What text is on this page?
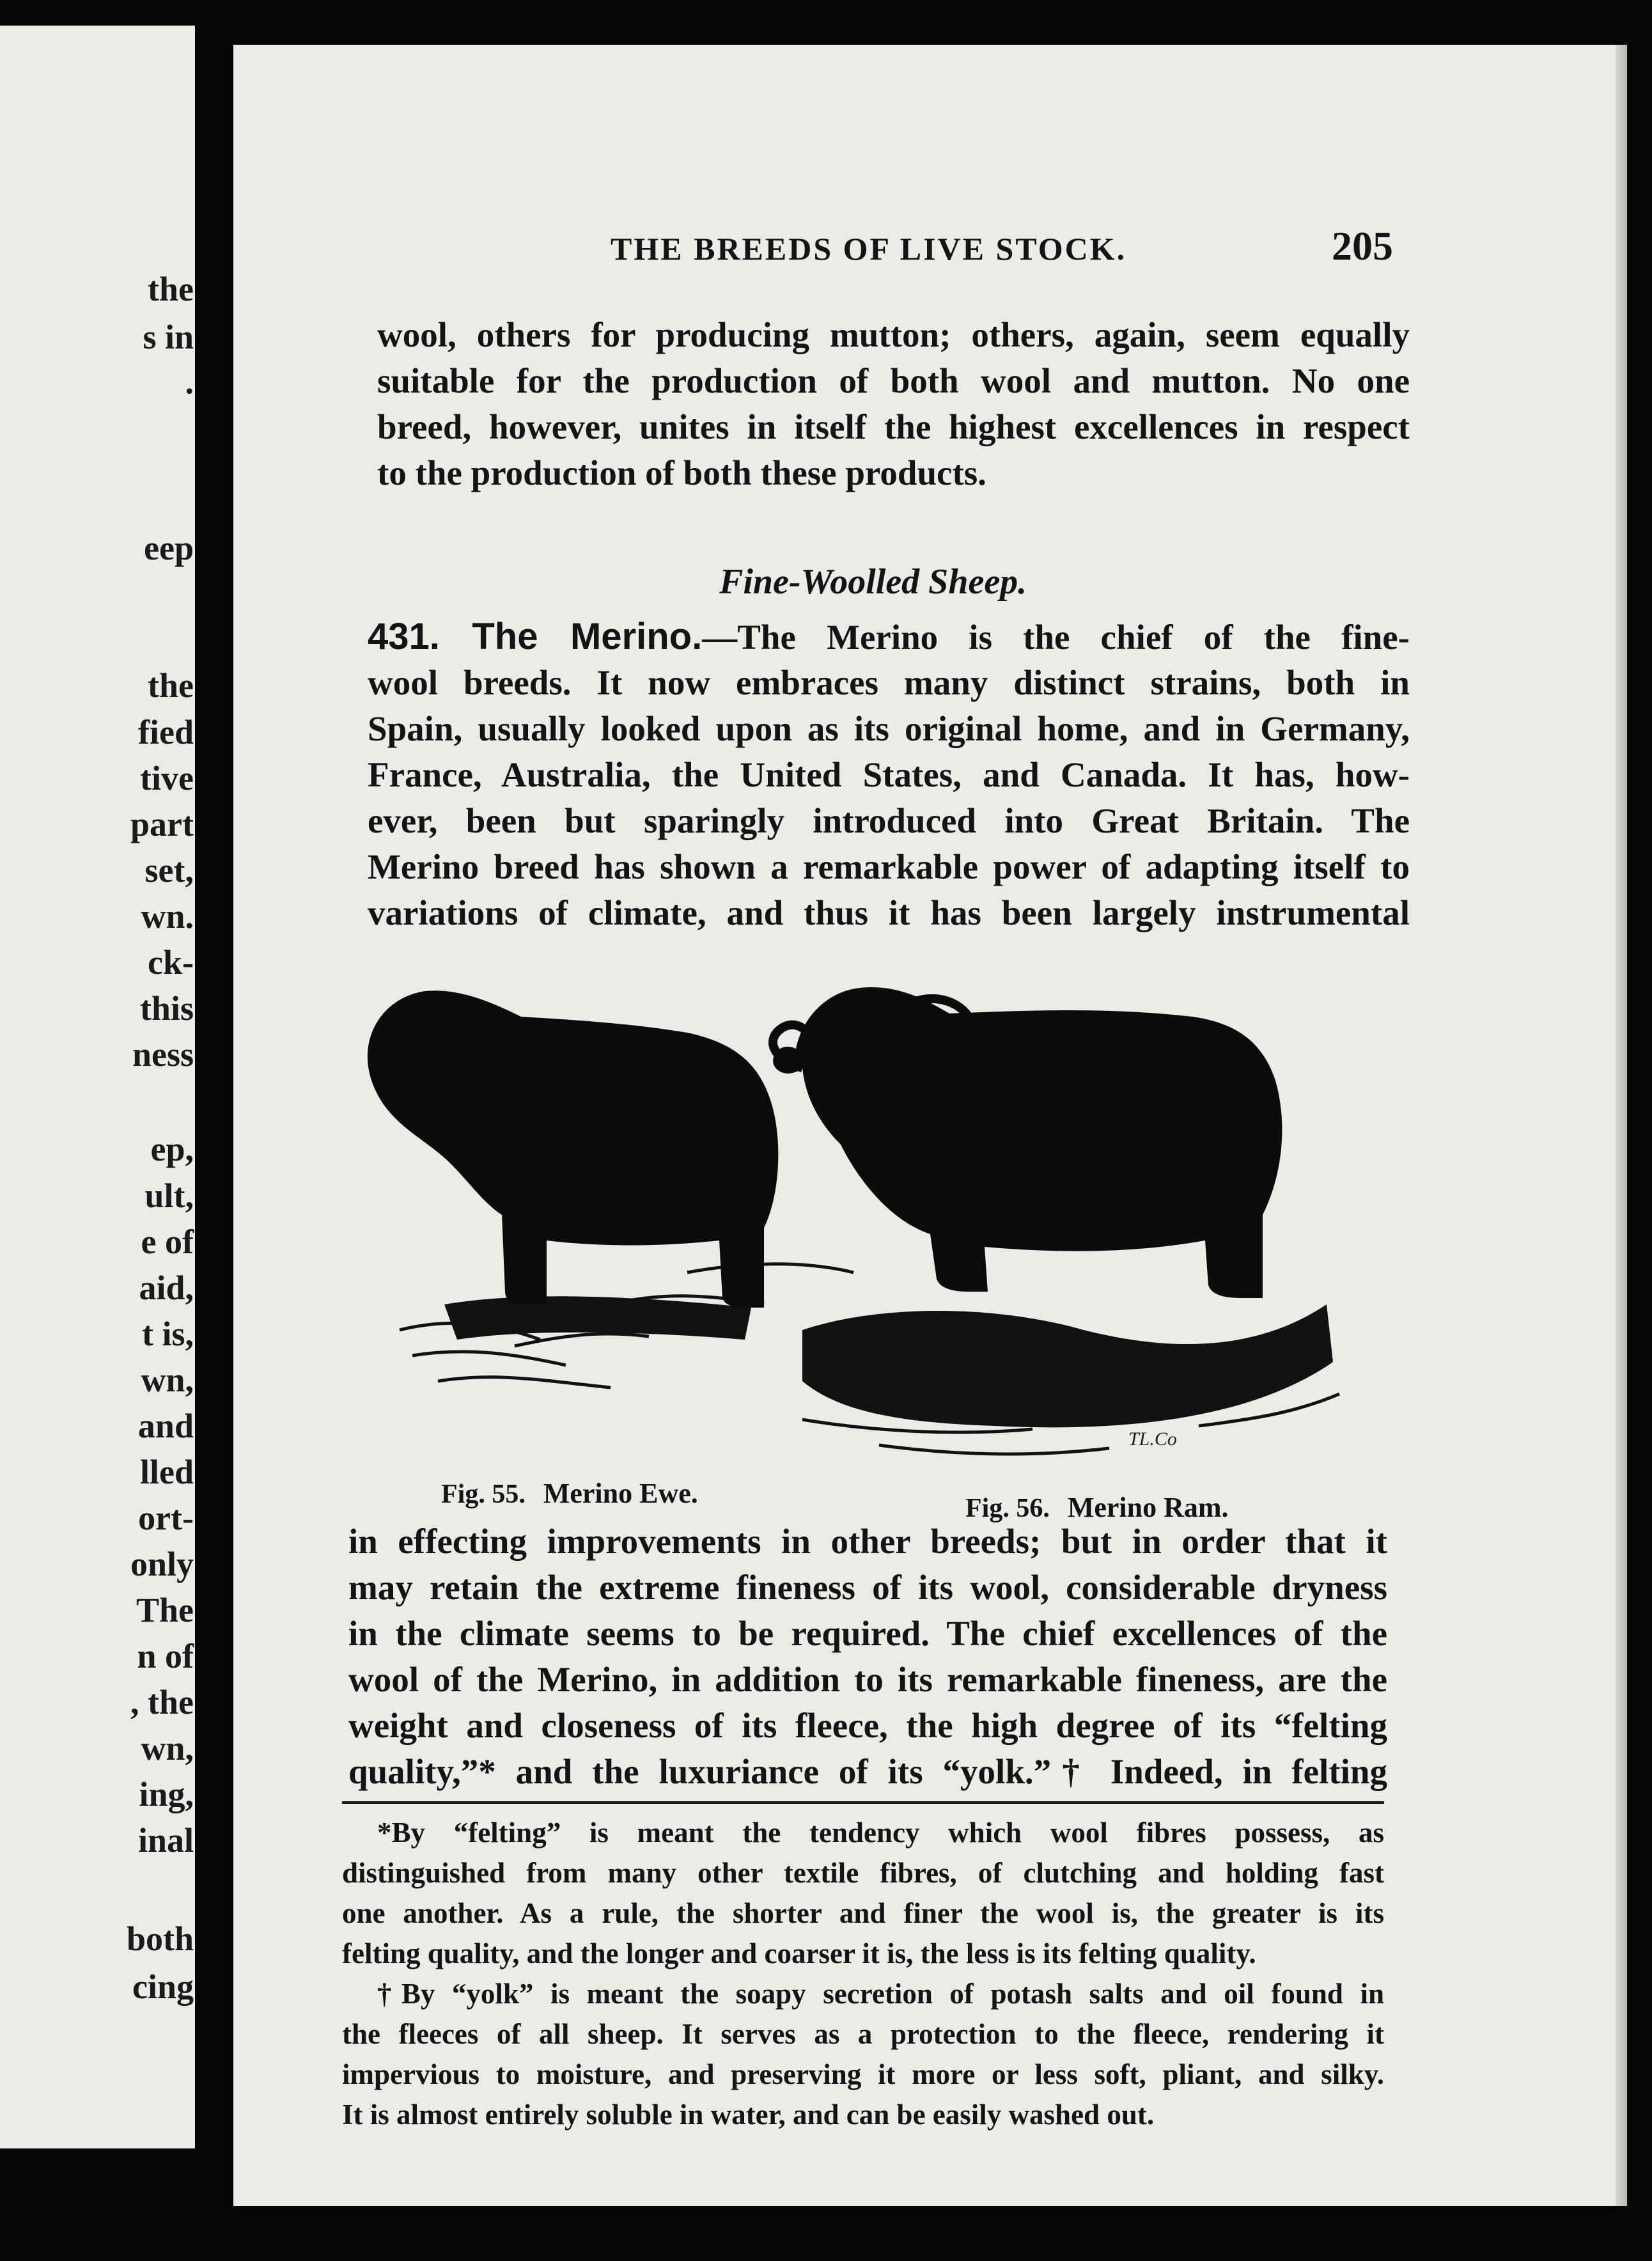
the
s in
.
eep
the
fied
tive
part
set,
wn.
ck-
this
ness
ep,
ult,
e of
aid,
t is,
wn,
and
lled
ort-
only
The
n of
, the
wn,
ing,
inal
both
cing
THE BREEDS OF LIVE STOCK.	205
wool, others for producing mutton; others, again, seem equally
suitable for the production of both wool and mutton. No one
breed, however, unites in itself the highest excellences in respect
to the production of both these products.
Fine-Woolled Sheep.
431. The Merino.—The Merino is the chief of the fine-
wool breeds. It now embraces many distinct strains, both in
Spain, usually looked upon as its original home, and in Germany,
France, Australia, the United States, and Canada. It has, how-
ever, been but sparingly introduced into Great Britain. The
Merino breed has shown a remarkable power of adapting itself to
variations of climate, and thus it has been largely instrumental
TL.Co
Fig. 55. Merino Ewe.	Fig. 56. Merino Ram.
in effecting improvements in other breeds; but in order that it
may retain the extreme fineness of its wool, considerable dryness
in the climate seems to be required. The chief excellences of the
wool of the Merino, in addition to its remarkable fineness, are the
weight and closeness of its fleece, the high degree of its “felting
quality,”* and the luxuriance of its “yolk.”† Indeed, in felting
*By “felting” is meant the tendency which wool fibres possess, as
distinguished from many other textile fibres, of clutching and holding fast
one another. As a rule, the shorter and finer the wool is, the greater is its
felting quality, and the longer and coarser it is, the less is its felting quality.
†By “yolk” is meant the soapy secretion of potash salts and oil found in
the fleeces of all sheep. It serves as a protection to the fleece, rendering it
impervious to moisture, and preserving it more or less soft, pliant, and silky.
It is almost entirely soluble in water, and can be easily washed out.
